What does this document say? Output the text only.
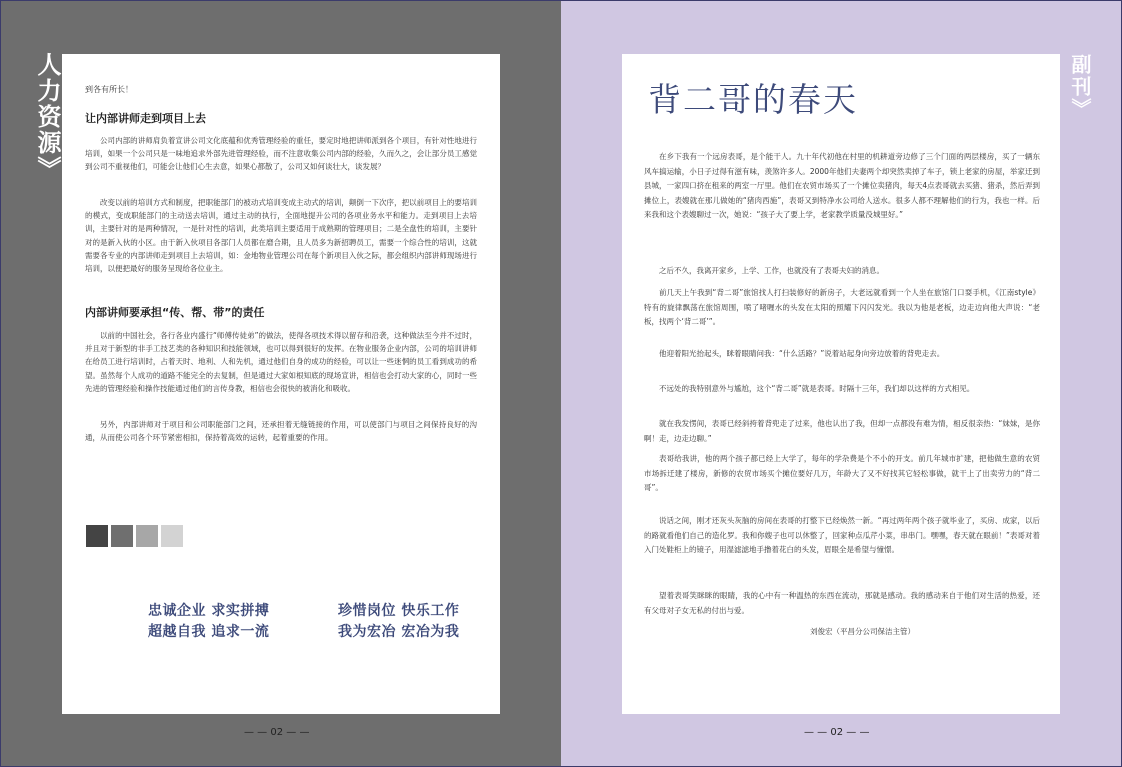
人力资源》	副刊》
到各有所长！
让内部讲师走到项目上去
公司内部的讲师肩负着宣讲公司文化底蕴和优秀管理经验的重任，要定时地把讲师派到各个项目，有针对性地进行培训，如果一个公司只是一味地追求外部先进管理经验，而不注意收集公司内部的经验，久而久之，会让部分员工感觉到公司不重视他们，可能会让他们心生去意，如果心都散了，公司又如何谈壮大，谈发展？
改变以前的培训方式和制度，把职能部门的被动式培训变成主动式的培训，颠倒一下次序，把以前项目上的要培训的模式，变成职能部门的主动送去培训，通过主动的执行，全面地提升公司的各项业务水平和能力。走到项目上去培训，主要针对的是两种情况，一是针对性的培训，此类培训主要适用于成熟期的管理项目；二是全盘性的培训，主要针对的是新入伙的小区。由于新入伙项目各部门人员都在磨合期，且人员多为新招聘员工，需要一个综合性的培训，这就需要各专业的内部讲师走到项目上去培训，如：金地物业管理公司在每个新项目入伙之际，都会组织内部讲师现场进行培训，以便把最好的服务呈现给各位业主。
内部讲师要承担“传、帮、带”的责任
以前的中国社会，各行各业内盛行“师傅传徒弟”的做法，使得各项技术得以留存和沿袭，这种做法至今并不过时，并且对于新型的非手工技艺类的各种知识和技能领域，也可以得到很好的发挥。在物业服务企业内部，公司的培训讲师在给员工进行培训时，占着天时、地利、人和先机，通过他们自身的成功的经验，可以让一些迷惘的员工看到成功的希望。虽然每个人成功的道路不能完全的去复制，但是通过大家如根知底的现场宣讲，相信也会打动大家的心，同时一些先进的管理经验和操作技能通过他们的言传身教，相信也会很快的被消化和吸收。
另外，内部讲师对于项目和公司职能部门之间，还承担着无缝链接的作用，可以使部门与项目之间保持良好的沟通，从而使公司各个环节紧密相扣，保持着高效的运转，起着重要的作用。
忠诚企业 求实拼搏
超越自我 追求一流
珍惜岗位 快乐工作
我为宏冶 宏冶为我
— — 02 — —
背二哥的春天
在乡下我有一个远房表哥，是个能干人。九十年代初他在村里的机耕道旁边修了三个门面的两层楼房，买了一辆东风车搞运输，小日子过得有滋有味，羡煞许多人。2000年他们夫妻两个却突然卖掉了车子，锁上老家的房屋，举家迁到县城，一家四口挤在租来的两室一厅里。他们在农贸市场买了一个摊位卖猪肉，每天4点表哥就去买猪、猪杀，然后弄到摊位上，表嫂就在那儿做她的“猪肉西施”，表哥又到特净水公司给人送水。很多人都不理解他们的行为，我也一样。后来我和这个表嫂聊过一次，她说：“孩子大了要上学，老家教学质量没城里好。”
之后不久，我离开家乡，上学、工作，也就没有了表哥夫妇的消息。
前几天上午我到“背二哥”旅馆找人打扫装修好的新房子，大老远就看到一个人坐在旅馆门口耍手机，《江南style》特有的旋律飘荡在旅馆周围，喷了啫喱水的头发在太阳的照耀下闪闪发光。我以为他是老板，边走边向他大声说：“老板，找两个‘背二哥’”。
他迎着阳光抬起头，眯着眼睛问我：“什么活路？”说着站起身向旁边放着的背兜走去。
不远处的我特别意外与尴尬，这个“背二哥”就是表哥。时隔十三年，我们却以这样的方式相见。
就在我发愣间，表哥已经斜挎着背兜走了过来，他也认出了我，但却一点都没有难为情，相反很亲热：“妹妹，是你啊！走，边走边聊。”
表哥给我讲，他的两个孩子都已经上大学了，每年的学杂费是个不小的开支。前几年城市扩建，把他做生意的农贸市场拆迁建了楼房，新修的农贸市场买个摊位要好几万，年龄大了又不好找其它轻松事做，就干上了出卖劳力的“背二哥”。
说话之间，刚才还灰头灰脑的房间在表哥的打整下已经焕然一新。“再过两年两个孩子就毕业了，买房、成家，以后的路就看他们自己的造化罗。我和你嫂子也可以休整了，回家种点瓜芹小菜，串串门。嘿嘿，春天就在眼前！”表哥对着入门处鞋柜上的镜子，用湿滤滤地手撸着花白的头发，眉眼全是希望与憧憬。
望着表哥笑眯眯的眼睛，我的心中有一种温热的东西在流动，那就是感动。我的感动来自于他们对生活的热爱，还有父母对子女无私的付出与爱。
刘俊宏（平昌分公司保洁主管）
— — 02 — —
